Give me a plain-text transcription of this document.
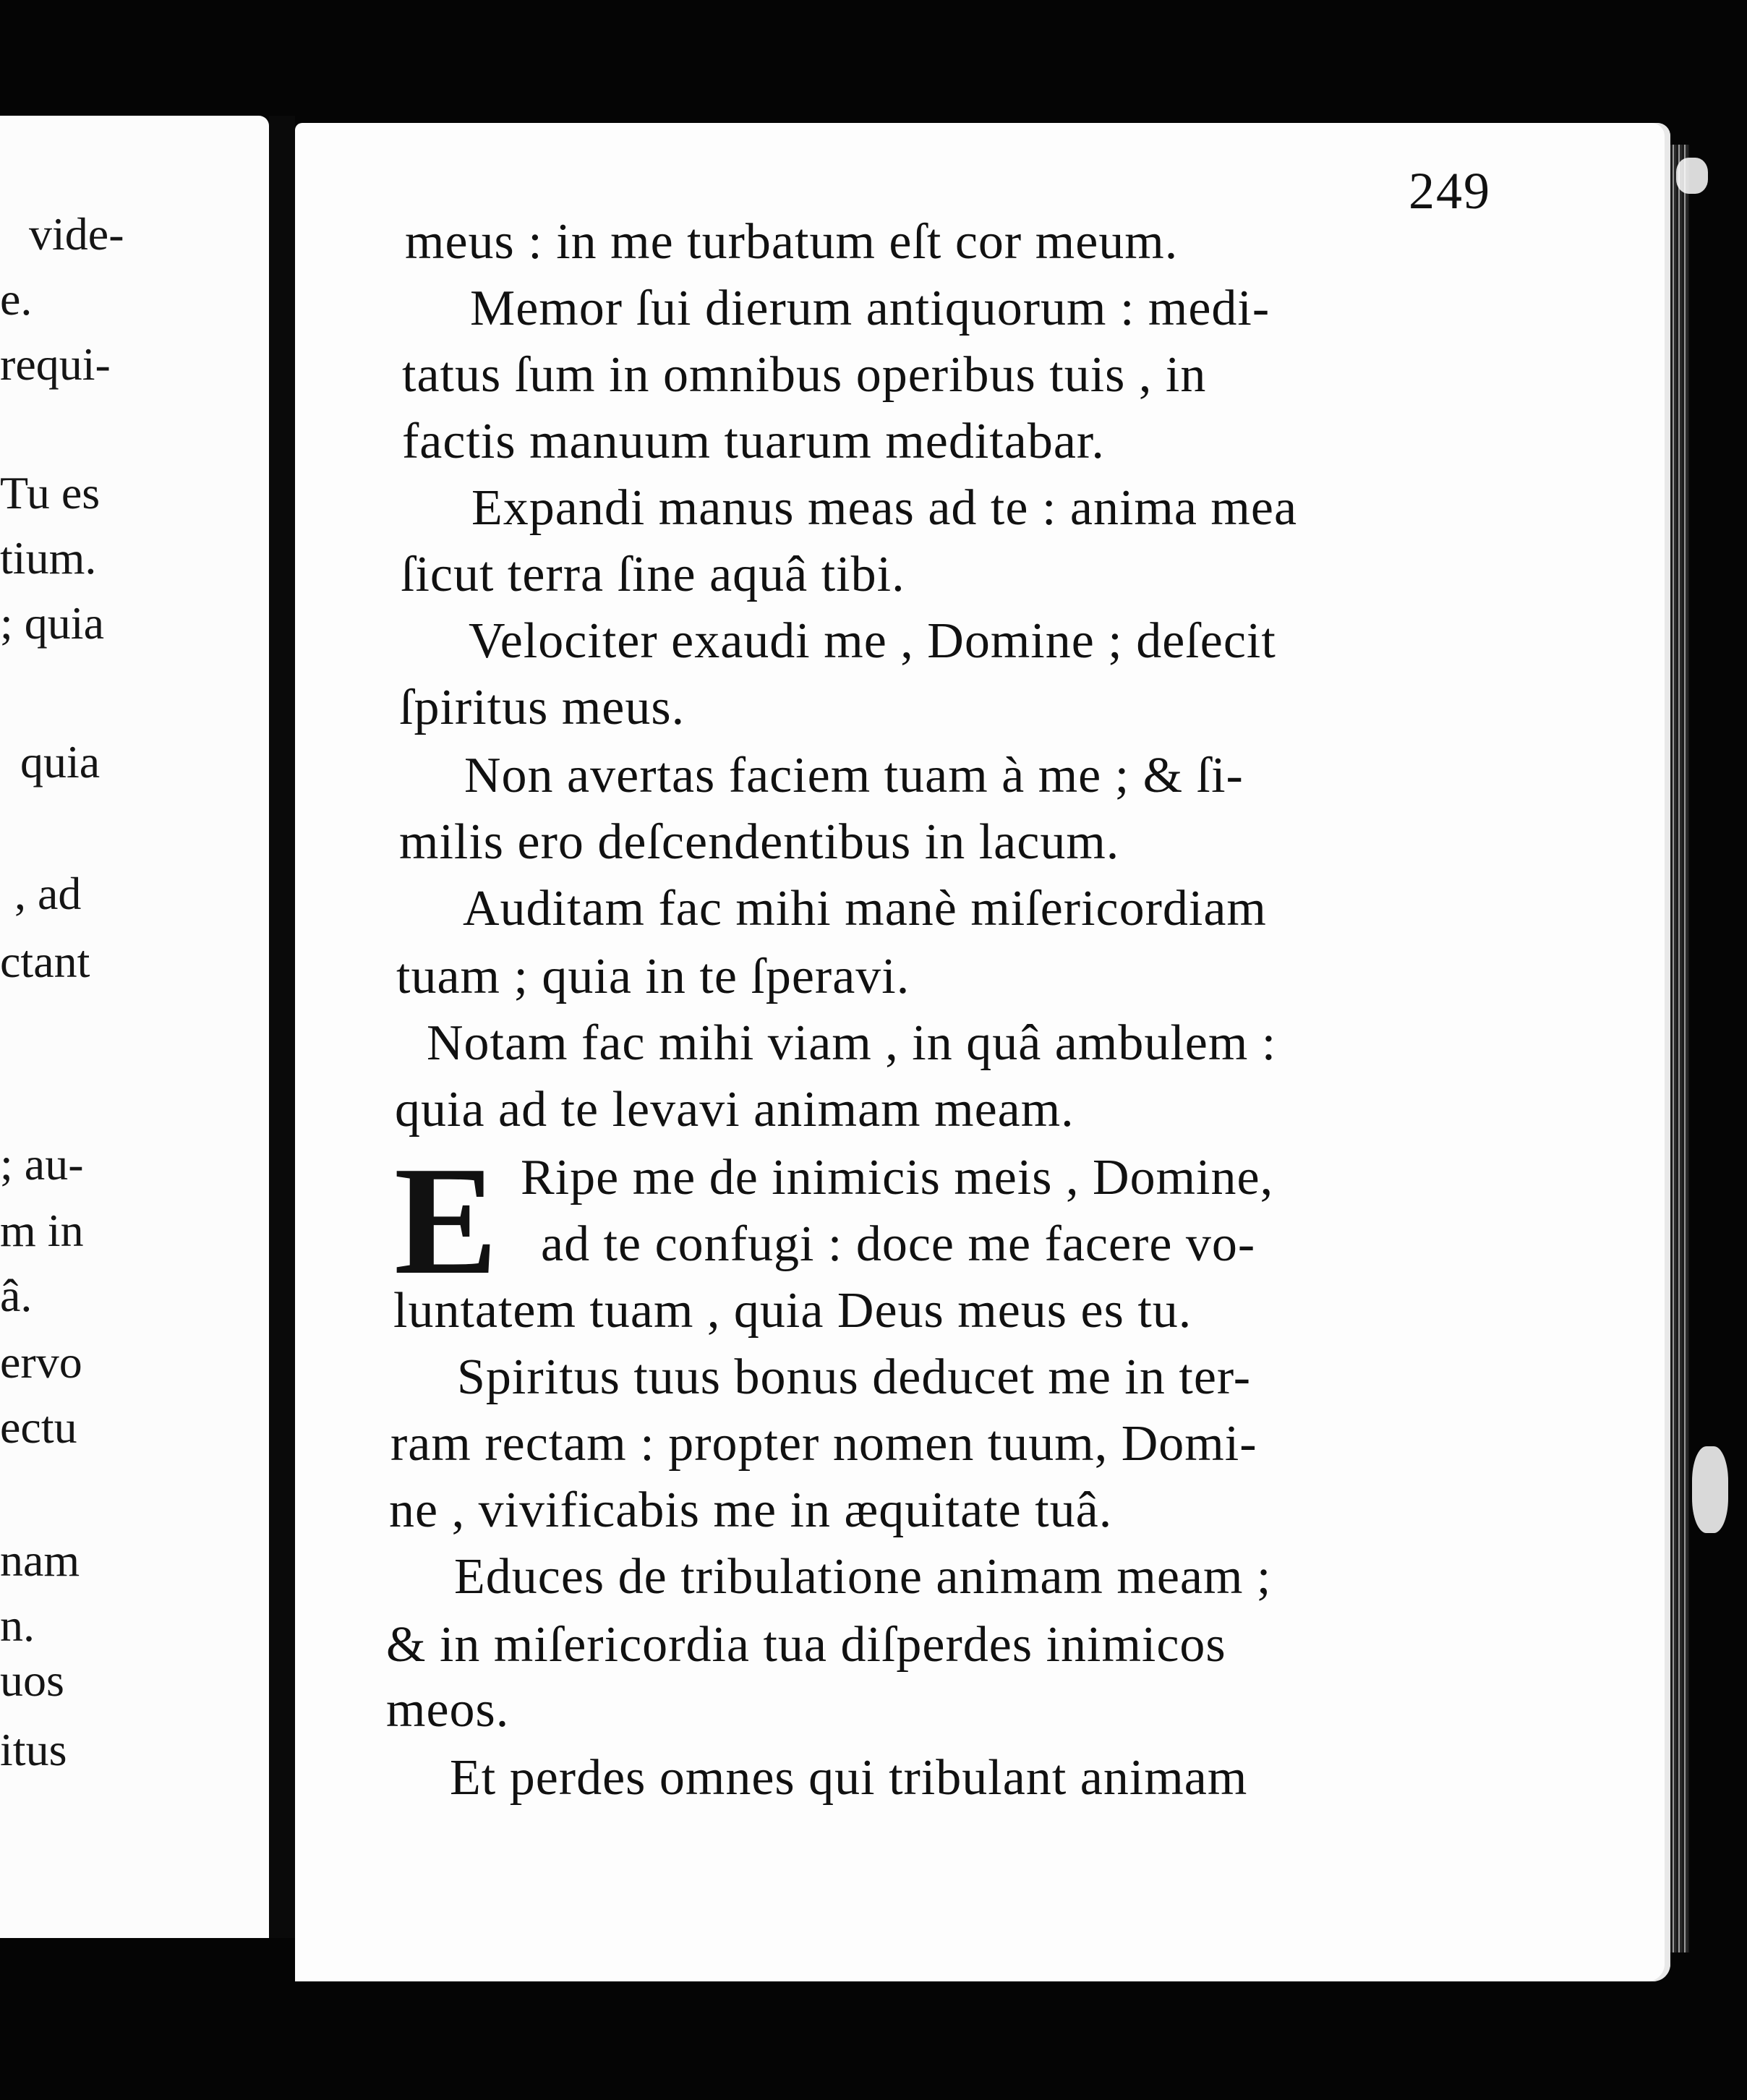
vide-
e.
requi-
Tu es
tium.
; quia
quia
, ad
ctant
; au-
m in
â.
ervo
ectu
nam
n.
uos
itus
249
meus : in me turbatum eſt cor meum.
Memor ſui dierum antiquorum : medi-
tatus ſum in omnibus operibus tuis , in
factis manuum tuarum meditabar.
Expandi manus meas ad te : anima mea
ſicut terra ſine aquâ tibi.
Velociter exaudi me , Domine ; deſecit
ſpiritus meus.
Non avertas faciem tuam à me ; & ſi-
milis ero deſcendentibus in lacum.
Auditam fac mihi manè miſericordiam
tuam ; quia in te ſperavi.
Notam fac mihi viam , in quâ ambulem :
quia ad te levavi animam meam.
E Ripe me de inimicis meis , Domine,
ad te confugi : doce me facere vo-
luntatem tuam , quia Deus meus es tu.
Spiritus tuus bonus deducet me in ter-
ram rectam : propter nomen tuum, Domi-
ne , vivificabis me in æquitate tuâ.
Educes de tribulatione animam meam ;
& in miſericordia tua diſperdes inimicos
meos.
Et perdes omnes qui tribulant animam
